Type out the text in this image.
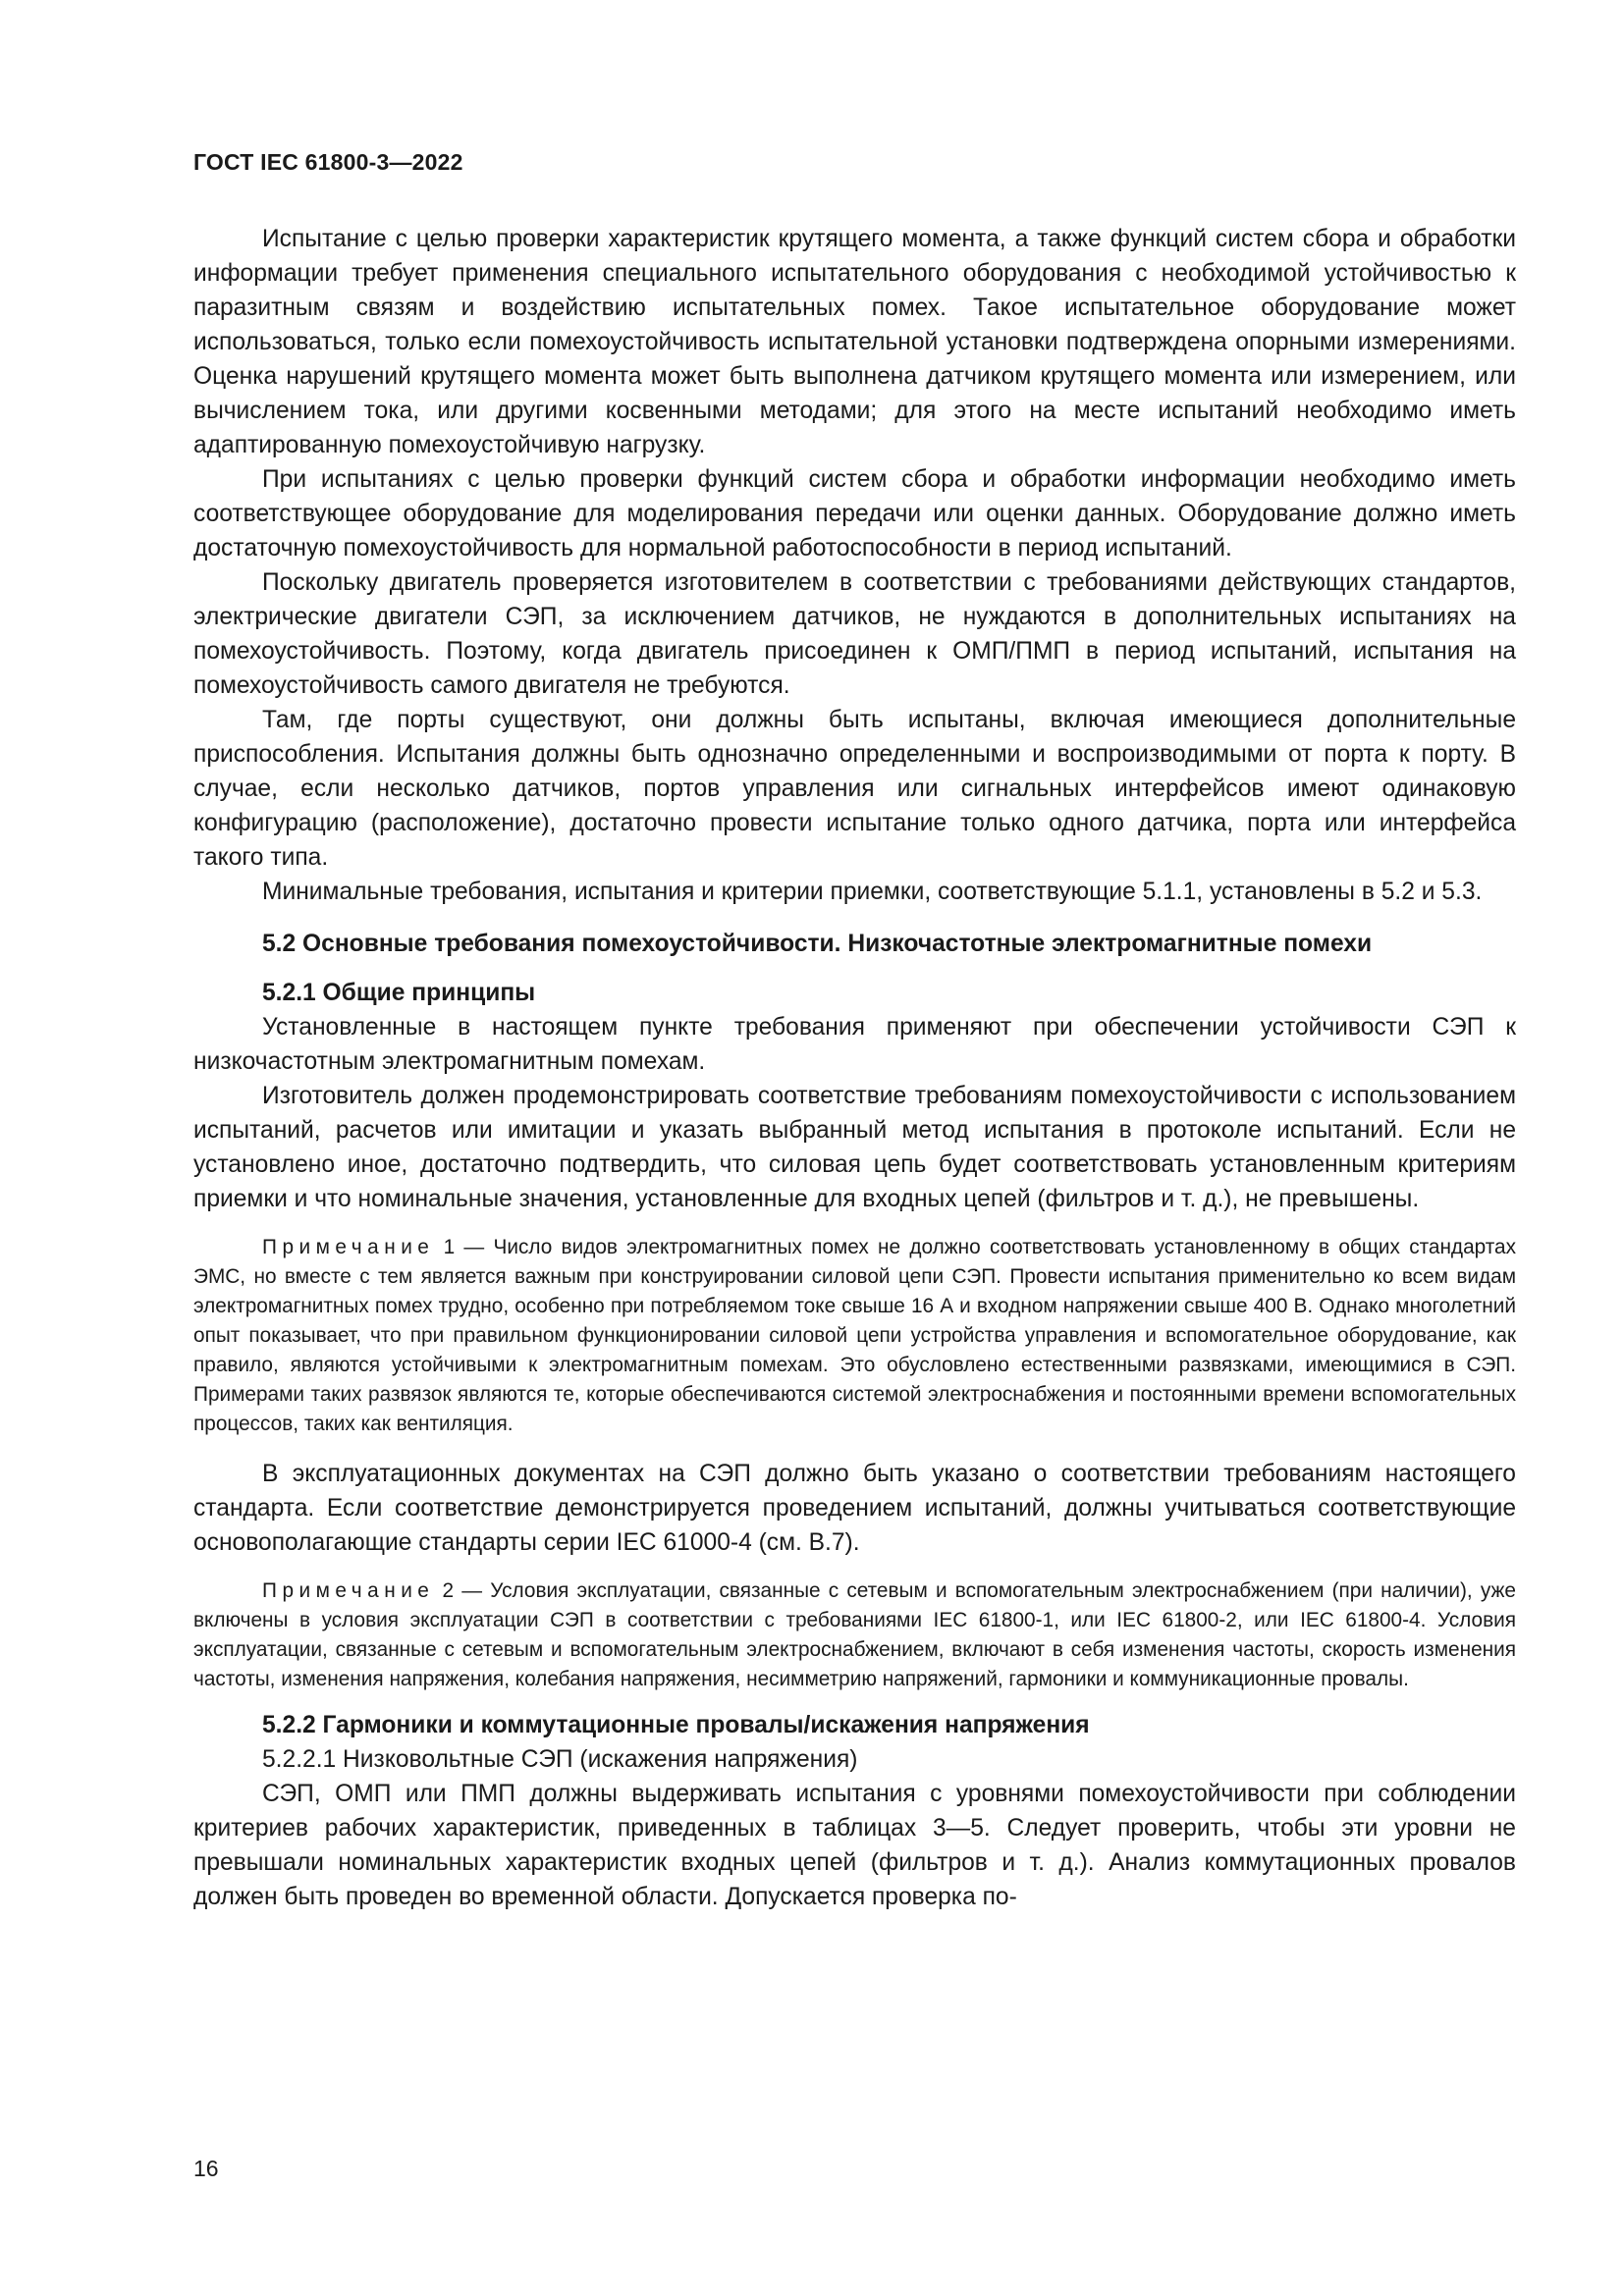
ГОСТ IEC 61800-3—2022

Испытание с целью проверки характеристик крутящего момента, а также функций систем сбора и обработки информации требует применения специального испытательного оборудования с необходимой устойчивостью к паразитным связям и воздействию испытательных помех. Такое испытательное оборудование может использоваться, только если помехоустойчивость испытательной установки подтверждена опорными измерениями. Оценка нарушений крутящего момента может быть выполнена датчиком крутящего момента или измерением, или вычислением тока, или другими косвенными методами; для этого на месте испытаний необходимо иметь адаптированную помехоустойчивую нагрузку.

При испытаниях с целью проверки функций систем сбора и обработки информации необходимо иметь соответствующее оборудование для моделирования передачи или оценки данных. Оборудование должно иметь достаточную помехоустойчивость для нормальной работоспособности в период испытаний.

Поскольку двигатель проверяется изготовителем в соответствии с требованиями действующих стандартов, электрические двигатели СЭП, за исключением датчиков, не нуждаются в дополнительных испытаниях на помехоустойчивость. Поэтому, когда двигатель присоединен к ОМП/ПМП в период испытаний, испытания на помехоустойчивость самого двигателя не требуются.

Там, где порты существуют, они должны быть испытаны, включая имеющиеся дополнительные приспособления. Испытания должны быть однозначно определенными и воспроизводимыми от порта к порту. В случае, если несколько датчиков, портов управления или сигнальных интерфейсов имеют одинаковую конфигурацию (расположение), достаточно провести испытание только одного датчика, порта или интерфейса такого типа.

Минимальные требования, испытания и критерии приемки, соответствующие 5.1.1, установлены в 5.2 и 5.3.

5.2 Основные требования помехоустойчивости. Низкочастотные электромагнитные помехи

5.2.1 Общие принципы

Установленные в настоящем пункте требования применяют при обеспечении устойчивости СЭП к низкочастотным электромагнитным помехам.

Изготовитель должен продемонстрировать соответствие требованиям помехоустойчивости с использованием испытаний, расчетов или имитации и указать выбранный метод испытания в протоколе испытаний. Если не установлено иное, достаточно подтвердить, что силовая цепь будет соответствовать установленным критериям приемки и что номинальные значения, установленные для входных цепей (фильтров и т. д.), не превышены.

Примечание 1 — Число видов электромагнитных помех не должно соответствовать установленному в общих стандартах ЭМС, но вместе с тем является важным при конструировании силовой цепи СЭП. Провести испытания применительно ко всем видам электромагнитных помех трудно, особенно при потребляемом токе свыше 16 А и входном напряжении свыше 400 В. Однако многолетний опыт показывает, что при правильном функционировании силовой цепи устройства управления и вспомогательное оборудование, как правило, являются устойчивыми к электромагнитным помехам. Это обусловлено естественными развязками, имеющимися в СЭП. Примерами таких развязок являются те, которые обеспечиваются системой электроснабжения и постоянными времени вспомогательных процессов, таких как вентиляция.

В эксплуатационных документах на СЭП должно быть указано о соответствии требованиям настоящего стандарта. Если соответствие демонстрируется проведением испытаний, должны учитываться соответствующие основополагающие стандарты серии IEC 61000-4 (см. В.7).

Примечание 2 — Условия эксплуатации, связанные с сетевым и вспомогательным электроснабжением (при наличии), уже включены в условия эксплуатации СЭП в соответствии с требованиями IEC 61800-1, или IEC 61800-2, или IEC 61800-4. Условия эксплуатации, связанные с сетевым и вспомогательным электроснабжением, включают в себя изменения частоты, скорость изменения частоты, изменения напряжения, колебания напряжения, несимметрию напряжений, гармоники и коммуникационные провалы.

5.2.2 Гармоники и коммутационные провалы/искажения напряжения

5.2.2.1 Низковольтные СЭП (искажения напряжения)

СЭП, ОМП или ПМП должны выдерживать испытания с уровнями помехоустойчивости при соблюдении критериев рабочих характеристик, приведенных в таблицах 3—5. Следует проверить, чтобы эти уровни не превышали номинальных характеристик входных цепей (фильтров и т. д.). Анализ коммутационных провалов должен быть проведен во временной области. Допускается проверка по-

16
